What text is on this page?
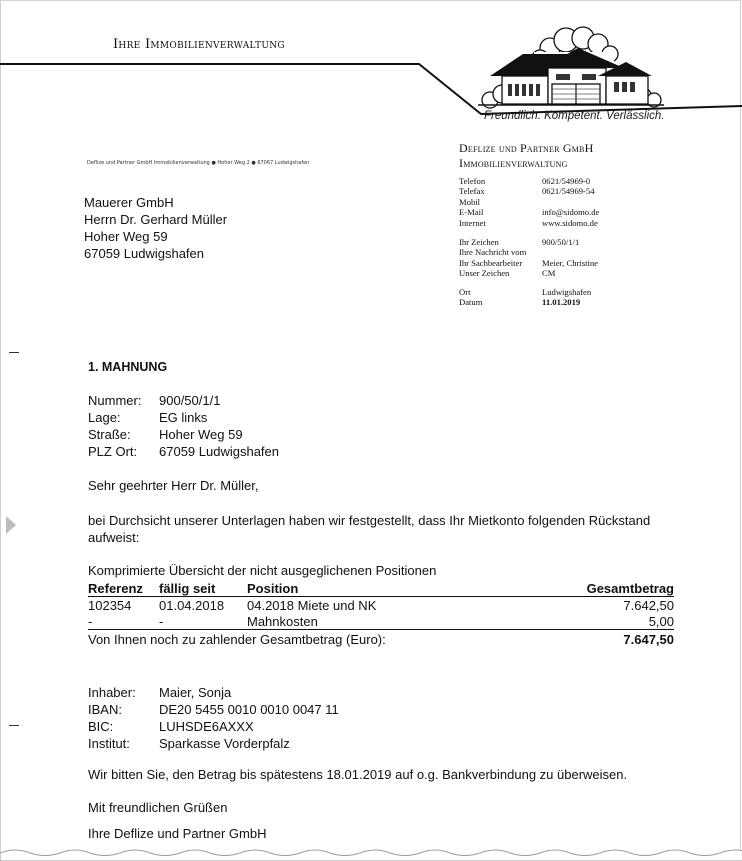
Ihre Immobilienverwaltung
Freundlich. Kompetent. Verlässlich.
Deflize und Partner GmbH Immobilienverwaltung ● Hoher Weg 2 ● 67067 Ludwigshafen
Mauerer GmbH
Herrn Dr. Gerhard Müller
Hoher Weg 59
67059 Ludwigshafen
Deflize und Partner GmbH
Immobilienverwaltung
Telefon	0621/54969-0
Telefax	0621/54969-54
Mobil	
E-Mail	info@sidomo.de
Internet	www.sidomo.de
Ihr Zeichen	900/50/1/1
Ihre Nachricht vom	
Ihr Sachbearbeiter	Meier, Christine
Unser Zeichen	CM
Ort	Ludwigshafen
Datum	11.01.2019
1. MAHNUNG
Nummer: 900/50/1/1
Lage:	EG links
Straße: Hoher Weg 59
PLZ Ort: 67059 Ludwigshafen
Sehr geehrter Herr Dr. Müller,
bei Durchsicht unserer Unterlagen haben wir festgestellt, dass Ihr Mietkonto folgenden Rückstand
aufweist:
Komprimierte Übersicht der nicht ausgeglichenen Positionen
Referenz	fällig seit	Position	Gesamtbetrag
102354	01.04.2018	04.2018 Miete und NK	7.642,50
-	-	Mahnkosten	5,00
Von Ihnen noch zu zahlender Gesamtbetrag (Euro):			7.647,50
Inhaber: Maier, Sonja
IBAN:	DE20 5455 0010 0010 0047 11
BIC:	LUHSDE6AXXX
Institut: Sparkasse Vorderpfalz
Wir bitten Sie, den Betrag bis spätestens 18.01.2019 auf o.g. Bankverbindung zu überweisen.
Mit freundlichen Grüßen
Ihre Deflize und Partner GmbH
